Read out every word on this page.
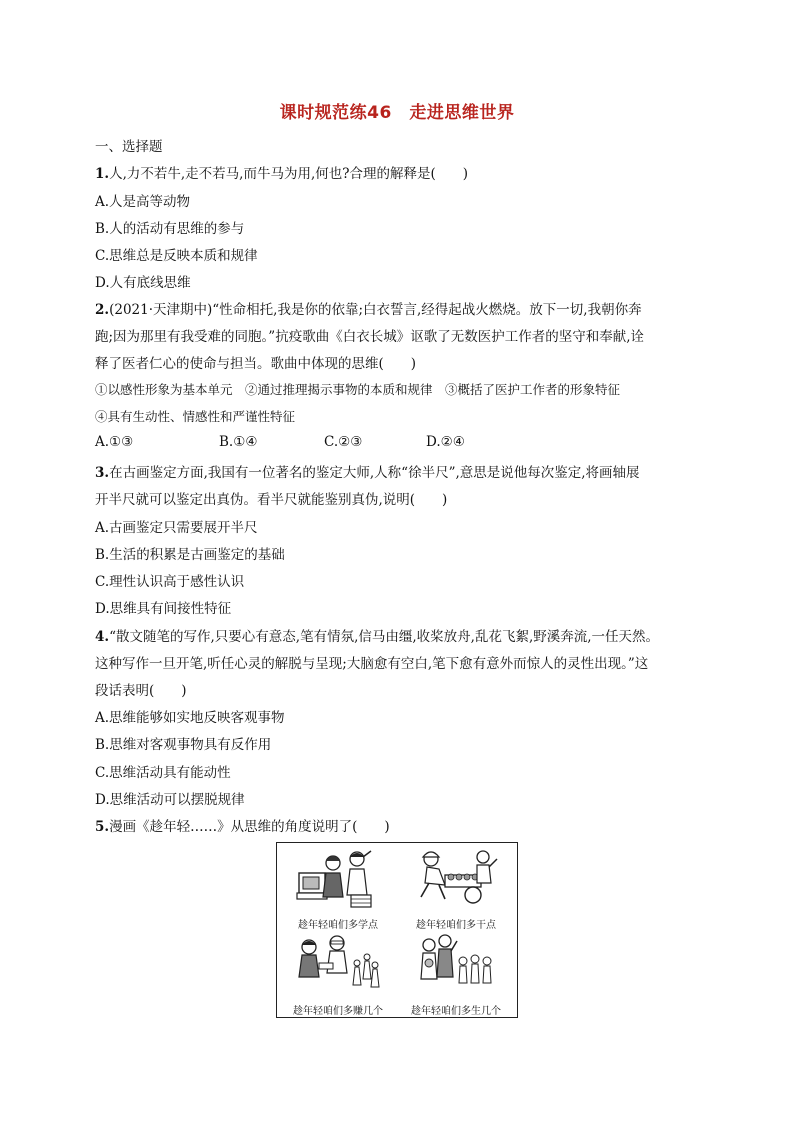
课时规范练46　走进思维世界
一、选择题
1.人,力不若牛,走不若马,而牛马为用,何也?合理的解释是(　　)
A.人是高等动物
B.人的活动有思维的参与
C.思维总是反映本质和规律
D.人有底线思维
2.(2021·天津期中)“性命相托,我是你的依靠;白衣誓言,经得起战火燃烧。放下一切,我朝你奔
跑;因为那里有我受难的同胞。”抗疫歌曲《白衣长城》讴歌了无数医护工作者的坚守和奉献,诠
释了医者仁心的使命与担当。歌曲中体现的思维(　　)
①以感性形象为基本单元　②通过推理揭示事物的本质和规律　③概括了医护工作者的形象特征
④具有生动性、情感性和严谨性特征
A.①③	B.①④	C.②③	D.②④
3.在古画鉴定方面,我国有一位著名的鉴定大师,人称“徐半尺”,意思是说他每次鉴定,将画轴展
开半尺就可以鉴定出真伪。看半尺就能鉴别真伪,说明(　　)
A.古画鉴定只需要展开半尺
B.生活的积累是古画鉴定的基础
C.理性认识高于感性认识
D.思维具有间接性特征
4.“散文随笔的写作,只要心有意态,笔有情氛,信马由缰,收桨放舟,乱花飞絮,野溪奔流,一任天然。
这种写作一旦开笔,听任心灵的解脱与呈现;大脑愈有空白,笔下愈有意外而惊人的灵性出现。”这
段话表明(　　)
A.思维能够如实地反映客观事物
B.思维对客观事物具有反作用
C.思维活动具有能动性
D.思维活动可以摆脱规律
5.漫画《趁年轻……》从思维的角度说明了(　　)
趁年轻咱们多学点	趁年轻咱们多干点
趁年轻咱们多赚几个	趁年轻咱们多生几个
